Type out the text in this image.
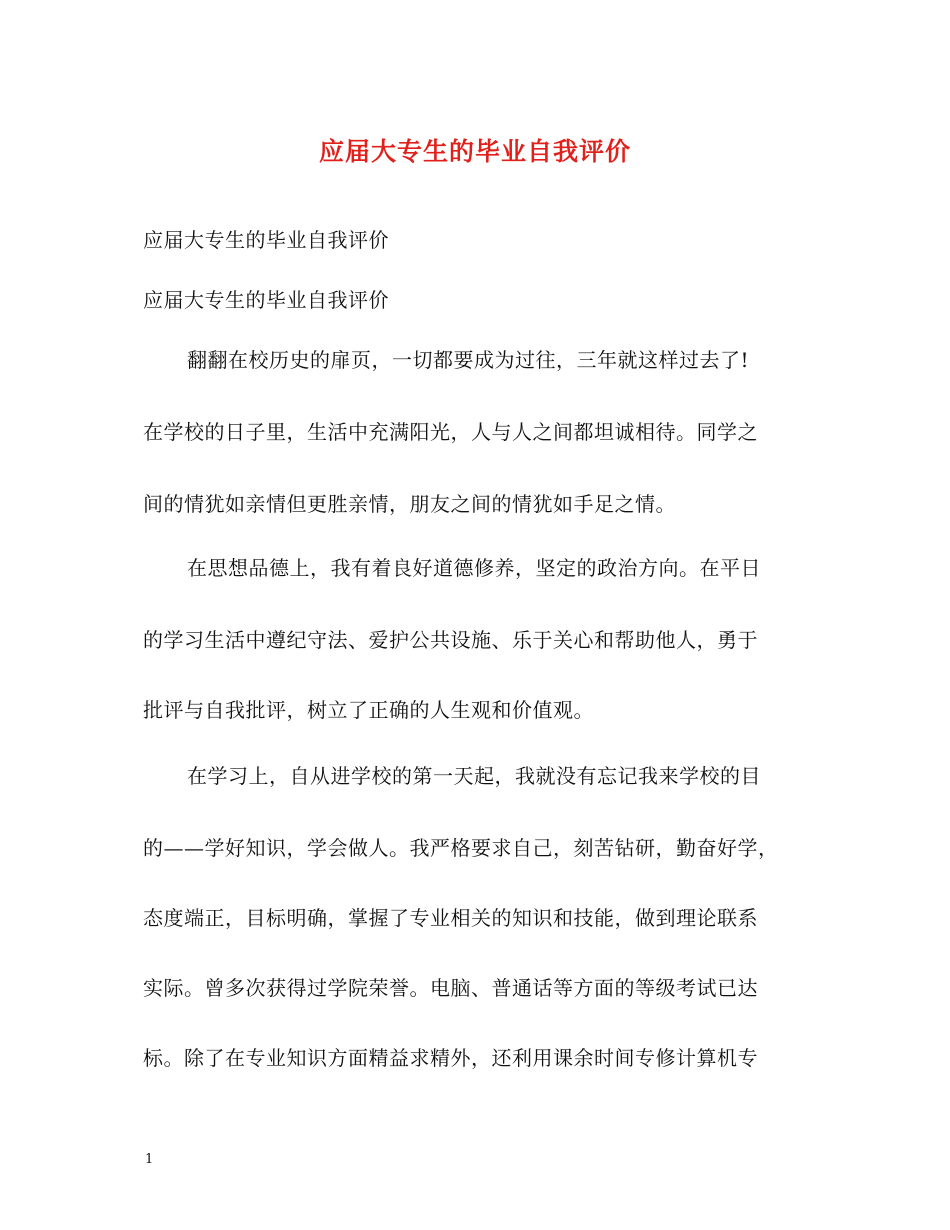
应届大专生的毕业自我评价
应届大专生的毕业自我评价
应届大专生的毕业自我评价
翻翻在校历史的扉页，一切都要成为过往，三年就这样过去了!
在学校的日子里，生活中充满阳光，人与人之间都坦诚相待。同学之
间的情犹如亲情但更胜亲情，朋友之间的情犹如手足之情。
在思想品德上，我有着良好道德修养，坚定的政治方向。在平日
的学习生活中遵纪守法、爱护公共设施、乐于关心和帮助他人，勇于
批评与自我批评，树立了正确的人生观和价值观。
在学习上，自从进学校的第一天起，我就没有忘记我来学校的目
的——学好知识，学会做人。我严格要求自己，刻苦钻研，勤奋好学，
态度端正，目标明确，掌握了专业相关的知识和技能，做到理论联系
实际。曾多次获得过学院荣誉。电脑、普通话等方面的等级考试已达
标。除了在专业知识方面精益求精外，还利用课余时间专修计算机专
1
